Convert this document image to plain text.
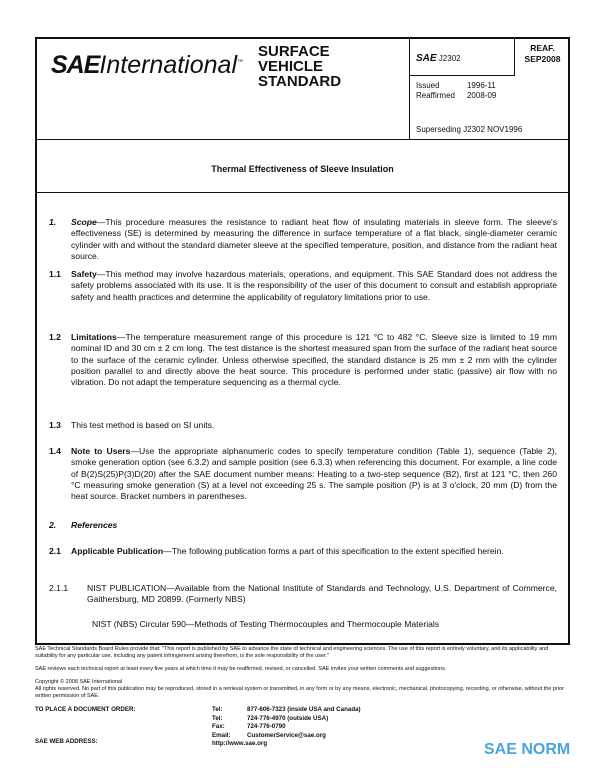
SAEInternational™
SURFACE
VEHICLE
STANDARD
SAE J2302
REAF.
SEP2008
Issued	1996-11
Reaffirmed	2008-09
Superseding J2302 NOV1996
Thermal Effectiveness of Sleeve Insulation
1. Scope—This procedure measures the resistance to radiant heat flow of insulating materials in sleeve form. The sleeve's effectiveness (SE) is determined by measuring the difference in surface temperature of a flat black, single-diameter ceramic cylinder with and without the standard diameter sleeve at the specified temperature, position, and distance from the radiant heat source.
1.1 Safety—This method may involve hazardous materials, operations, and equipment. This SAE Standard does not address the safety problems associated with its use. It is the responsibility of the user of this document to consult and establish appropriate safety and health practices and determine the applicability of regulatory limitations prior to use.
1.2 Limitations—The temperature measurement range of this procedure is 121 °C to 482 °C. Sleeve size is limited to 19 mm nominal ID and 30 cm ± 2 cm long. The test distance is the shortest measured span from the surface of the radiant heat source to the surface of the ceramic cylinder. Unless otherwise specified, the standard distance is 25 mm ± 2 mm with the cylinder position parallel to and directly above the heat source. This procedure is performed under static (passive) air flow with no vibration. Do not adapt the temperature sequencing as a thermal cycle.
1.3 This test method is based on SI units.
1.4 Note to Users—Use the appropriate alphanumeric codes to specify temperature condition (Table 1), sequence (Table 2), smoke generation option (see 6.3.2) and sample position (see 6.3.3) when referencing this document. For example, a line code of B(2)S(25)P(3)D(20) after the SAE document number means: Heating to a two-step sequence (B2), first at 121 °C, then 260 °C measuring smoke generation (S) at a level not exceeding 25 s. The sample position (P) is at 3 o'clock, 20 mm (D) from the heat source. Bracket numbers in parentheses.
2. References
2.1 Applicable Publication—The following publication forms a part of this specification to the extent specified herein.
2.1.1 NIST PUBLICATION—Available from the National Institute of Standards and Technology, U.S. Department of Commerce, Gaithersburg, MD 20899. (Formerly NBS)
NIST (NBS) Circular 590—Methods of Testing Thermocouples and Thermocouple Materials
SAE Technical Standards Board Rules provide that: "This report is published by SAE to advance the state of technical and engineering sciences. The use of this report is entirely voluntary, and its applicability and suitability for any particular use, including any patent infringement arising therefrom, is the sole responsibility of the user."
SAE reviews each technical report at least every five years at which time it may be reaffirmed, revised, or cancelled. SAE invites your written comments and suggestions.
Copyright © 2008 SAE International
All rights reserved. No part of this publication may be reproduced, stored in a retrieval system or transmitted, in any form or by any means, electronic, mechanical, photocopying, recording, or otherwise, without the prior written permission of SAE.
TO PLACE A DOCUMENT ORDER:
SAE WEB ADDRESS:
Tel:	877-606-7323 (inside USA and Canada)
Tel:	724-776-4970 (outside USA)
Fax:	724-776-0790
Email:	CustomerService@sae.org
http://www.sae.org	SAE NORM
